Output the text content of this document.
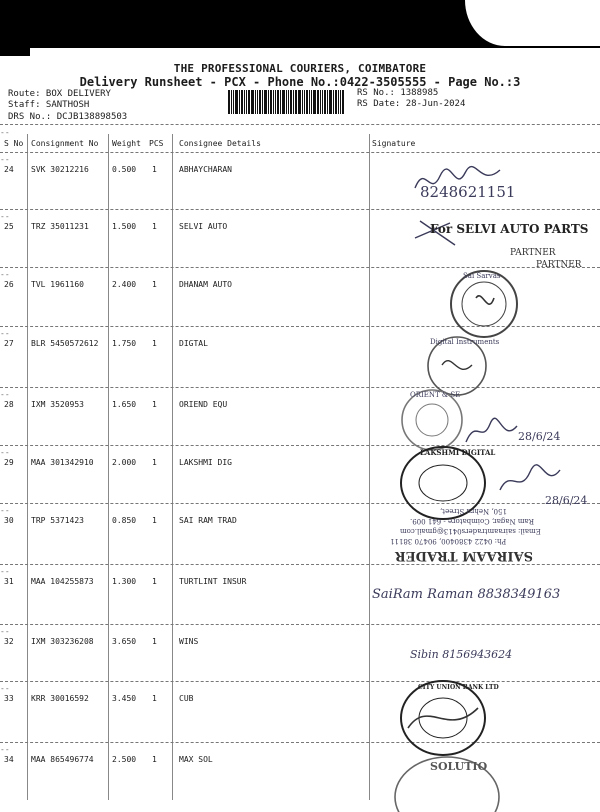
THE PROFESSIONAL COURIERS, COIMBATORE
Delivery Runsheet - PCX - Phone No.:0422-3505555 - Page No.:3
Route: BOX DELIVERY
Staff: SANTHOSH
DRS No.: DCJB138898503
RS No.: 1388985
RS Date: 28-Jun-2024
--
S No Consignment No Weight PCS Consignee Details	Signature
--
24 SVK 30212216	0.500 1	ABHAYCHARAN
--
25 TRZ 35011231	1.500 1	SELVI AUTO
--
26 TVL 1961160	2.400 1	DHANAM AUTO
--
27 BLR 5450572612 1.750 1	DIGTAL
--
28 IXM 3520953	1.650 1	ORIEND EQU
--
29 MAA 301342910 2.000 1	LAKSHMI DIG
--
30 TRP 5371423	0.850 1	SAI RAM TRAD
--
31 MAA 104255873 1.300 1	TURTLINT INSUR
--
32 IXM 303236208 3.650 1	WINS
--
33 KRR 30016592	3.450 1	CUB
--
34 MAA 865496774 2.500 1	MAX SOL
8248621151
For SELVI AUTO PARTS
PARTNER
PARTNER
Sai Sarvas
Digital Instruments
ORIENT & SE
28/6/24
LAKSHMI DIGITAL
28/6/24
150, Nehru Street,
Ram Nagar, Coimbatore - 641 009.
Email: sairaamtraders0413@gmail.com
Ph: 0422 4380400, 90470 38111
SAIRAAM TRADER
SaiRam Raman 8838349163
Sibin 8156943624
CITY UNION BANK LTD
SOLUTIO
